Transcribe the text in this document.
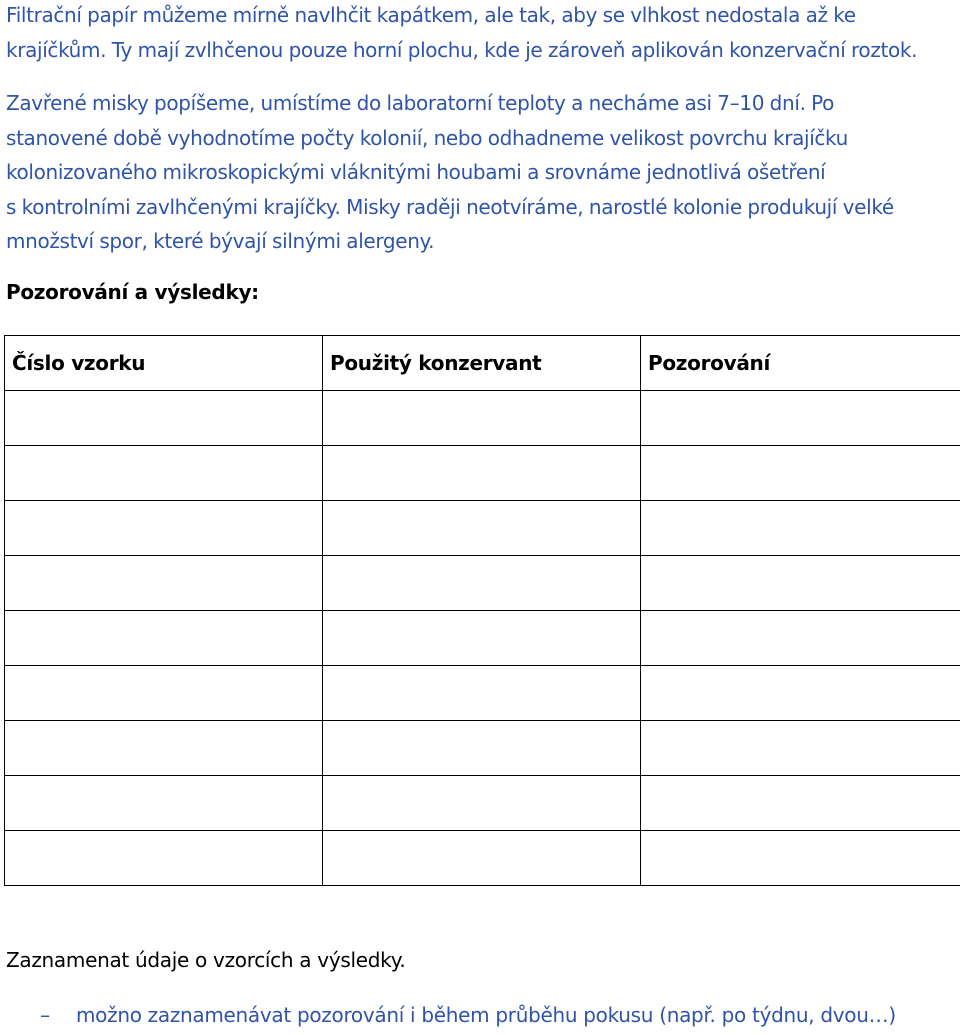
Filtrační papír můžeme mírně navlhčit kapátkem, ale tak, aby se vlhkost nedostala až ke
krajíčkům. Ty mají zvlhčenou pouze horní plochu, kde je zároveň aplikován konzervační roztok.

Zavřené misky popíšeme, umístíme do laboratorní teploty a necháme asi 7–10 dní. Po
stanovené době vyhodnotíme počty kolonií, nebo odhadneme velikost povrchu krajíčku
kolonizovaného mikroskopickými vláknitými houbami a srovnáme jednotlivá ošetření
s kontrolními zavlhčenými krajíčky. Misky raději neotvíráme, narostlé kolonie produkují velké
množství spor, které bývají silnými alergeny.

Pozorování a výsledky:
Číslo vzorku	Použitý konzervant	Pozorování

Zaznamenat údaje o vzorcích a výsledky.

– možno zaznamenávat pozorování i během průběhu pokusu (např. po týdnu, dvou…)
